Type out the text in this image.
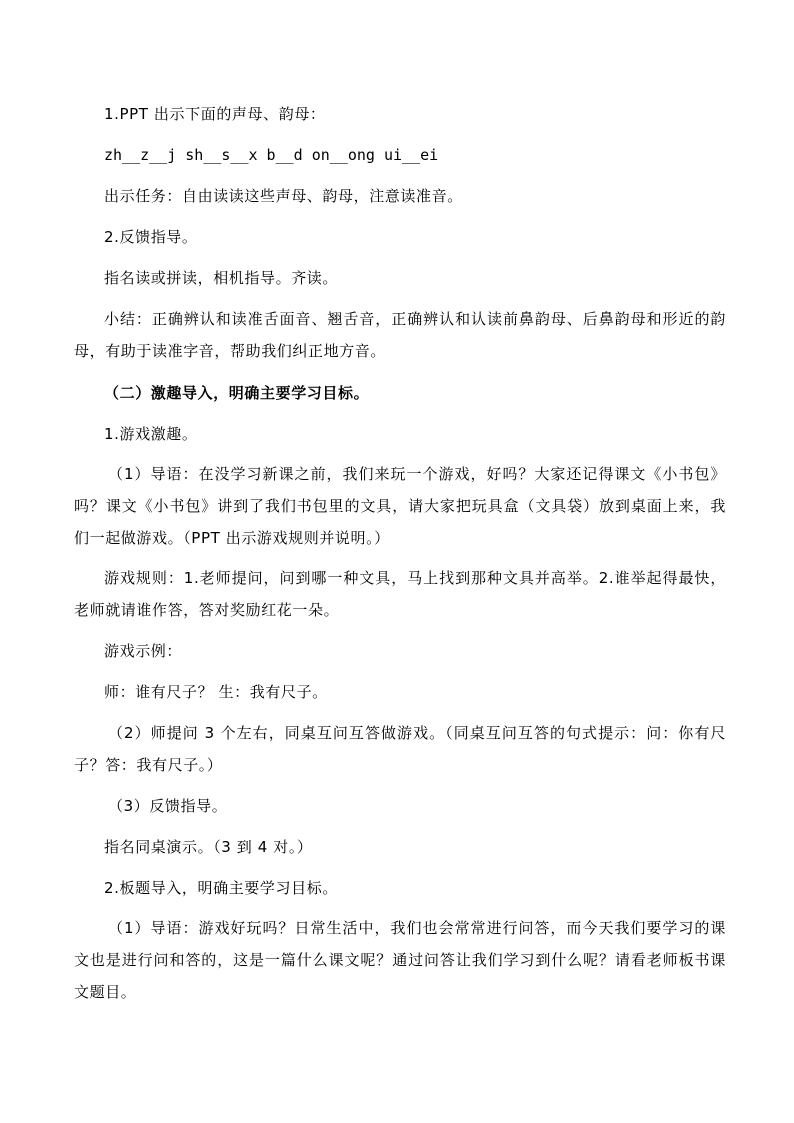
1.PPT 出示下面的声母、韵母：
zh__z__j sh__s__x b__d on__ong ui__ei
出示任务：自由读读这些声母、韵母，注意读准音。
2.反馈指导。
指名读或拼读，相机指导。齐读。
小结：正确辨认和读准舌面音、翘舌音，正确辨认和认读前鼻韵母、后鼻韵母和形近的韵母，有助于读准字音，帮助我们纠正地方音。
（二）激趣导入，明确主要学习目标。
1.游戏激趣。
（1）导语：在没学习新课之前，我们来玩一个游戏，好吗？大家还记得课文《小书包》吗？课文《小书包》讲到了我们书包里的文具，请大家把玩具盒（文具袋）放到桌面上来，我们一起做游戏。（PPT 出示游戏规则并说明。）
游戏规则：1.老师提问，问到哪一种文具，马上找到那种文具并高举。2.谁举起得最快，老师就请谁作答，答对奖励红花一朵。
游戏示例：
师：谁有尺子？ 生：我有尺子。
（2）师提问 3 个左右，同桌互问互答做游戏。（同桌互问互答的句式提示：问：你有尺子？答：我有尺子。）
（3）反馈指导。
指名同桌演示。（3 到 4 对。）
2.板题导入，明确主要学习目标。
（1）导语：游戏好玩吗？日常生活中，我们也会常常进行问答，而今天我们要学习的课文也是进行问和答的，这是一篇什么课文呢？通过问答让我们学习到什么呢？请看老师板书课文题目。
